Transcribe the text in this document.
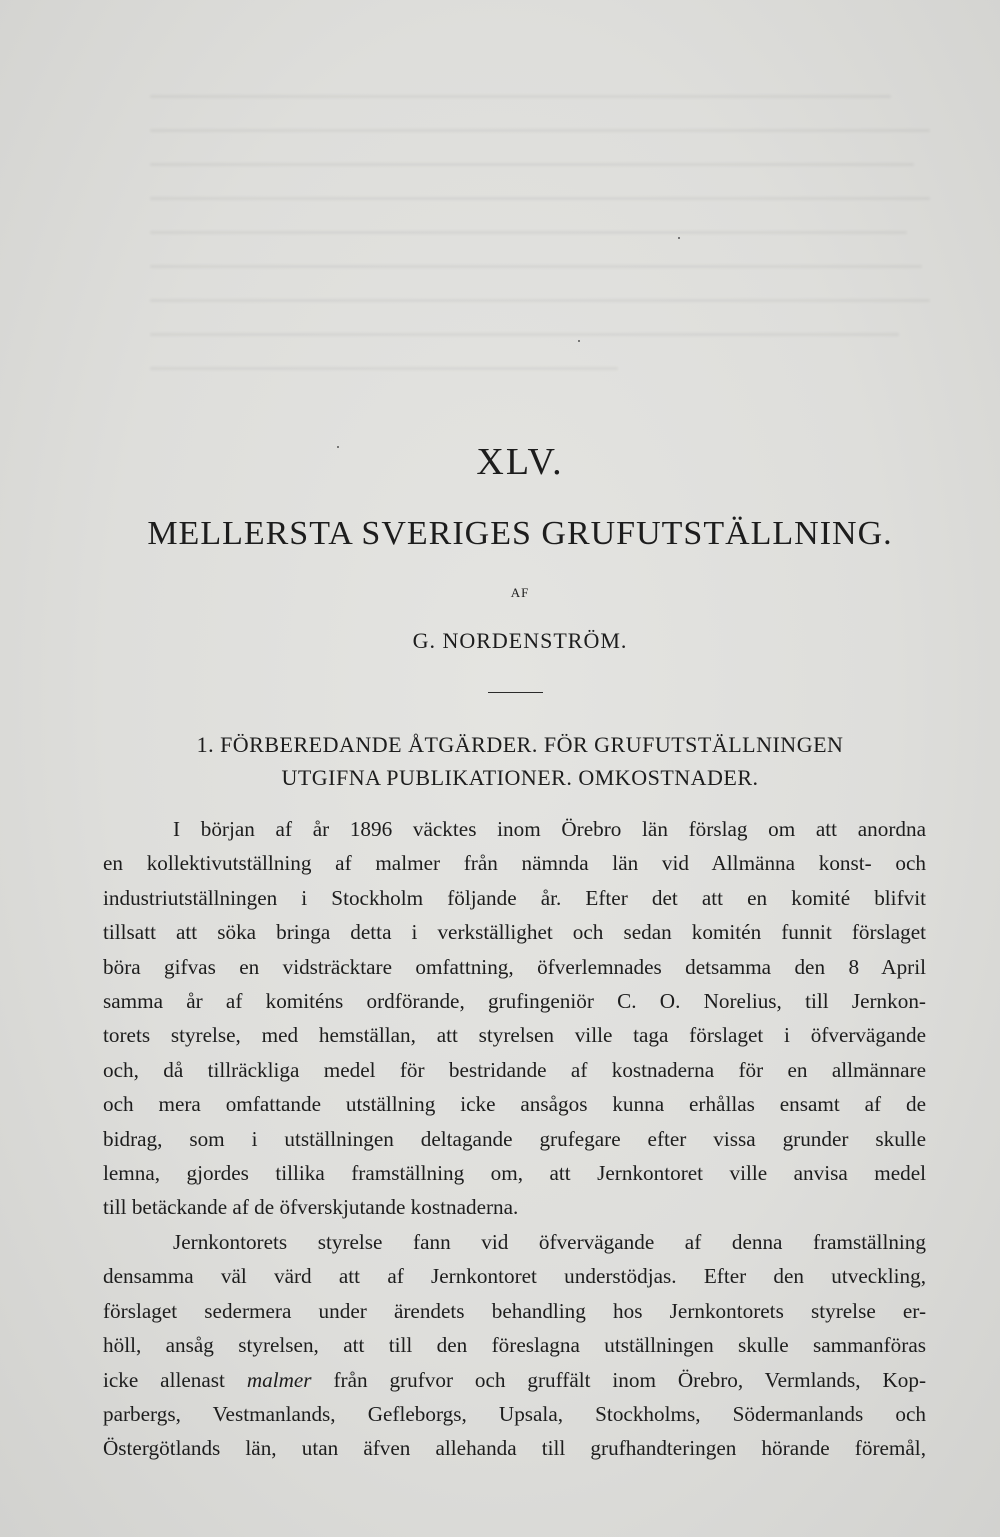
XLV.
MELLERSTA SVERIGES GRUFUTSTÄLLNING.
AF
G. NORDENSTRÖM.
1. FÖRBEREDANDE ÅTGÄRDER. FÖR GRUFUTSTÄLLNINGEN
UTGIFNA PUBLIKATIONER. OMKOSTNADER.
I början af år 1896 väcktes inom Örebro län förslag om att anordna
en kollektivutställning af malmer från nämnda län vid Allmänna konst- och
industriutställningen i Stockholm följande år. Efter det att en komité blifvit
tillsatt att söka bringa detta i verkställighet och sedan komitén funnit förslaget
böra gifvas en vidsträcktare omfattning, öfverlemnades detsamma den 8 April
samma år af komiténs ordförande, grufingeniör C. O. Norelius, till Jernkon-
torets styrelse, med hemställan, att styrelsen ville taga förslaget i öfvervägande
och, då tillräckliga medel för bestridande af kostnaderna för en allmännare
och mera omfattande utställning icke ansågos kunna erhållas ensamt af de
bidrag, som i utställningen deltagande grufegare efter vissa grunder skulle
lemna, gjordes tillika framställning om, att Jernkontoret ville anvisa medel
till betäckande af de öfverskjutande kostnaderna.
Jernkontorets styrelse fann vid öfvervägande af denna framställning
densamma väl värd att af Jernkontoret understödjas. Efter den utveckling,
förslaget sedermera under ärendets behandling hos Jernkontorets styrelse er-
höll, ansåg styrelsen, att till den föreslagna utställningen skulle sammanföras
icke allenast malmer från grufvor och gruffält inom Örebro, Vermlands, Kop-
parbergs, Vestmanlands, Gefleborgs, Upsala, Stockholms, Södermanlands och
Östergötlands län, utan äfven allehanda till grufhandteringen hörande föremål,
